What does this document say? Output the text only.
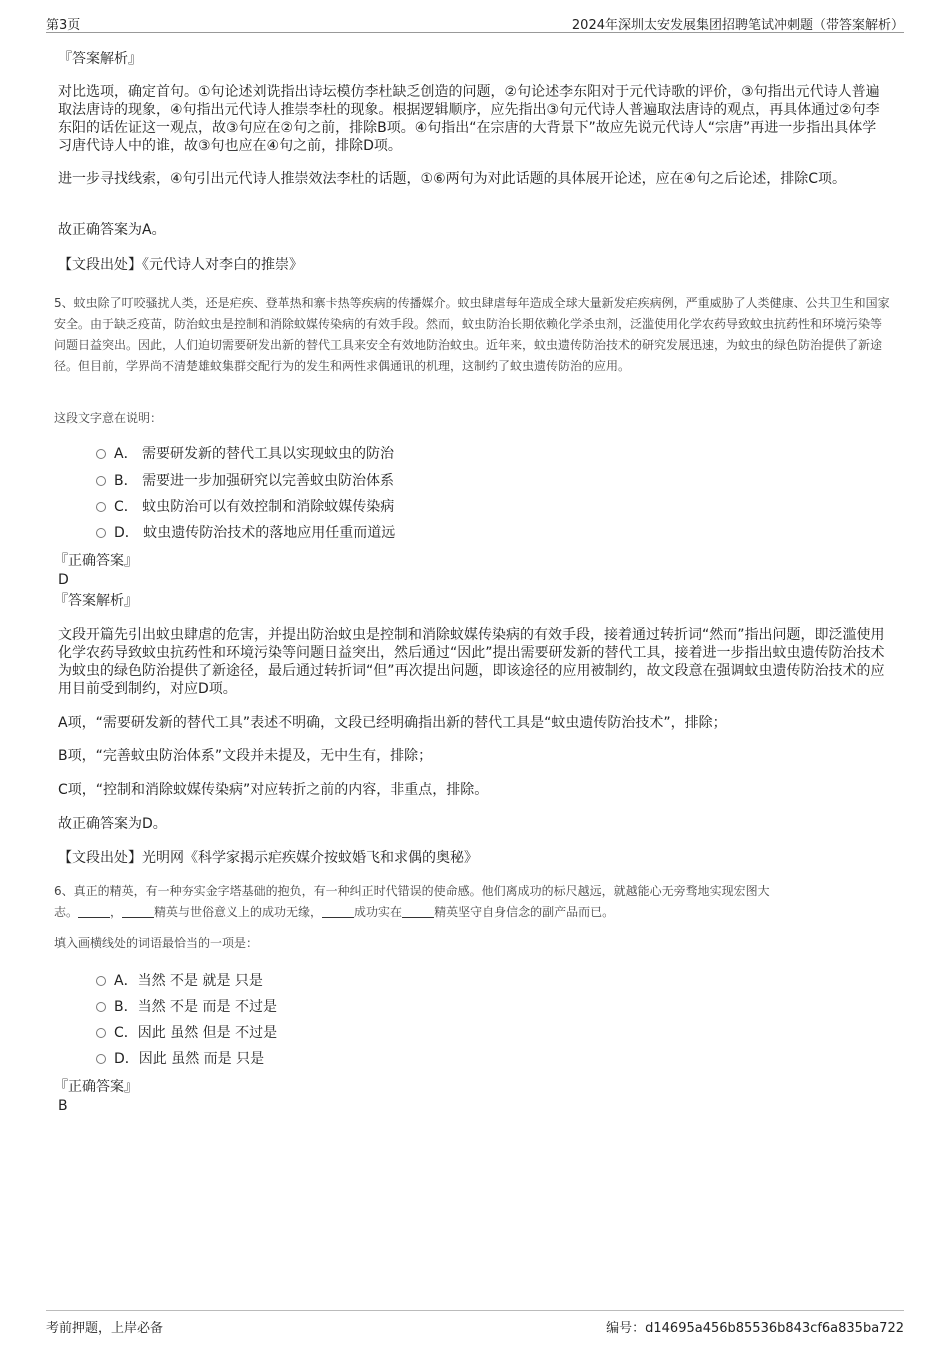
第3页	2024年深圳太安发展集团招聘笔试冲刺题（带答案解析）
『答案解析』
对比选项，确定首句。①句论述刘诜指出诗坛模仿李杜缺乏创造的问题，②句论述李东阳对于元代诗歌的评价，③句指出元代诗人普遍取法唐诗的现象，④句指出元代诗人推崇李杜的现象。根据逻辑顺序，应先指出③句元代诗人普遍取法唐诗的观点，再具体通过②句李东阳的话佐证这一观点，故③句应在②句之前，排除B项。④句指出“在宗唐的大背景下”故应先说元代诗人“宗唐”再进一步指出具体学习唐代诗人中的谁，故③句也应在④句之前，排除D项。
进一步寻找线索，④句引出元代诗人推崇效法李杜的话题，①⑥两句为对此话题的具体展开论述，应在④句之后论述，排除C项。
故正确答案为A。
【文段出处】《元代诗人对李白的推崇》
5、蚊虫除了叮咬骚扰人类，还是疟疾、登革热和寨卡热等疾病的传播媒介。蚊虫肆虐每年造成全球大量新发疟疾病例，严重威胁了人类健康、公共卫生和国家安全。由于缺乏疫苗，防治蚊虫是控制和消除蚊媒传染病的有效手段。然而，蚊虫防治长期依赖化学杀虫剂，泛滥使用化学农药导致蚊虫抗药性和环境污染等问题日益突出。因此，人们迫切需要研发出新的替代工具来安全有效地防治蚊虫。近年来，蚊虫遗传防治技术的研究发展迅速，为蚊虫的绿色防治提供了新途径。但目前，学界尚不清楚雄蚊集群交配行为的发生和两性求偶通讯的机理，这制约了蚊虫遗传防治的应用。
这段文字意在说明：
A． 需要研发新的替代工具以实现蚊虫的防治
B． 需要进一步加强研究以完善蚊虫防治体系
C． 蚊虫防治可以有效控制和消除蚊媒传染病
D． 蚊虫遗传防治技术的落地应用任重而道远
『正确答案』
D
『答案解析』
文段开篇先引出蚊虫肆虐的危害，并提出防治蚊虫是控制和消除蚊媒传染病的有效手段，接着通过转折词“然而”指出问题，即泛滥使用化学农药导致蚊虫抗药性和环境污染等问题日益突出，然后通过“因此”提出需要研发新的替代工具，接着进一步指出蚊虫遗传防治技术为蚊虫的绿色防治提供了新途径，最后通过转折词“但”再次提出问题，即该途径的应用被制约，故文段意在强调蚊虫遗传防治技术的应用目前受到制约，对应D项。
A项，“需要研发新的替代工具”表述不明确，文段已经明确指出新的替代工具是“蚊虫遗传防治技术”，排除；
B项，“完善蚊虫防治体系”文段并未提及，无中生有，排除；
C项，“控制和消除蚊媒传染病”对应转折之前的内容，非重点，排除。
故正确答案为D。
【文段出处】光明网《科学家揭示疟疾媒介按蚊婚飞和求偶的奥秘》
6、真正的精英，有一种夯实金字塔基础的抱负，有一种纠正时代错误的使命感。他们离成功的标尺越远，就越能心无旁骛地实现宏图大
志。	，	精英与世俗意义上的成功无缘，	成功实在	精英坚守自身信念的副产品而已。
填入画横线处的词语最恰当的一项是：
A．当然 不是 就是 只是
B．当然 不是 而是 不过是
C．因此 虽然 但是 不过是
D．因此 虽然 而是 只是
『正确答案』
B
考前押题，上岸必备	编号：d14695a456b85536b843cf6a835ba722
